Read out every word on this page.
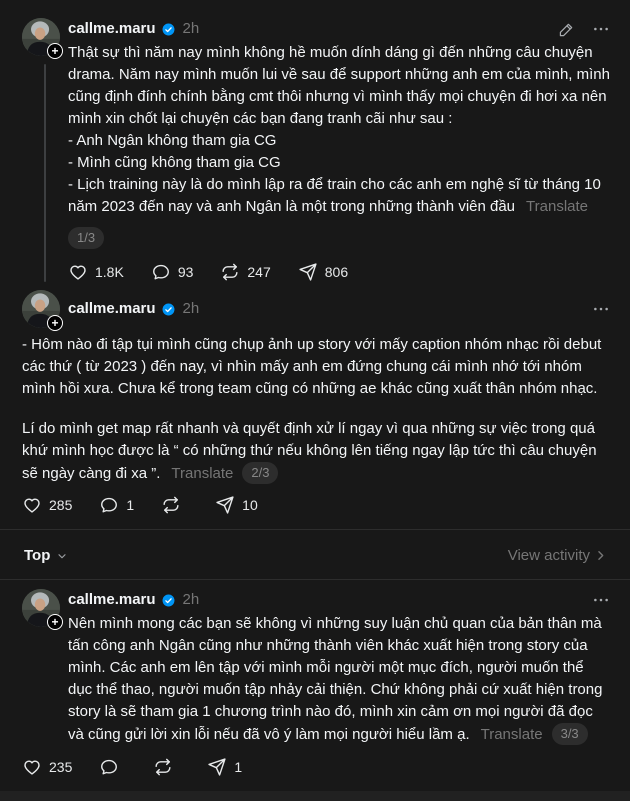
+
callme.maru 2h
Thật sự thì năm nay mình không hề muốn dính dáng gì đến những câu chuyện drama. Năm nay mình muốn lui về sau để support những anh em của mình, mình cũng định đính chính bằng cmt thôi nhưng vì mình thấy mọi chuyện đi hơi xa nên mình xin chốt lại chuyện các bạn đang tranh cãi như sau :
- Anh Ngân không tham gia CG
- Mình cũng không tham gia CG
- Lịch training này là do mình lập ra để train cho các anh em nghệ sĩ từ tháng 10 năm 2023 đến nay và anh Ngân là một trong những thành viên đầu Translate
1/3
1.8K	93	247	806
+
callme.maru 2h
- Hôm nào đi tập tụi mình cũng chụp ảnh up story với mấy caption nhóm nhạc rồi debut các thứ ( từ 2023 ) đến nay, vì nhìn mấy anh em đứng chung cái mình nhớ tới nhóm mình hồi xưa. Chưa kể trong team cũng có những ae khác cũng xuất thân nhóm nhạc.
Lí do mình get map rất nhanh và quyết định xử lí ngay vì qua những sự việc trong quá khứ mình học được là “ có những thứ nếu không lên tiếng ngay lập tức thì câu chuyện sẽ ngày càng đi xa ”. Translate 2/3
285	1	10
Top	View activity
+
callme.maru 2h
Nên mình mong các bạn sẽ không vì những suy luận chủ quan của bản thân mà tấn công anh Ngân cũng như những thành viên khác xuất hiện trong story của mình. Các anh em lên tập với mình mỗi người một mục đích, người muốn thể dục thể thao, người muốn tập nhảy cải thiện. Chứ không phải cứ xuất hiện trong story là sẽ tham gia 1 chương trình nào đó, mình xin cảm ơn mọi người đã đọc và cũng gửi lời xin lỗi nếu đã vô ý làm mọi người hiểu lầm ạ. Translate 3/3
235	1
